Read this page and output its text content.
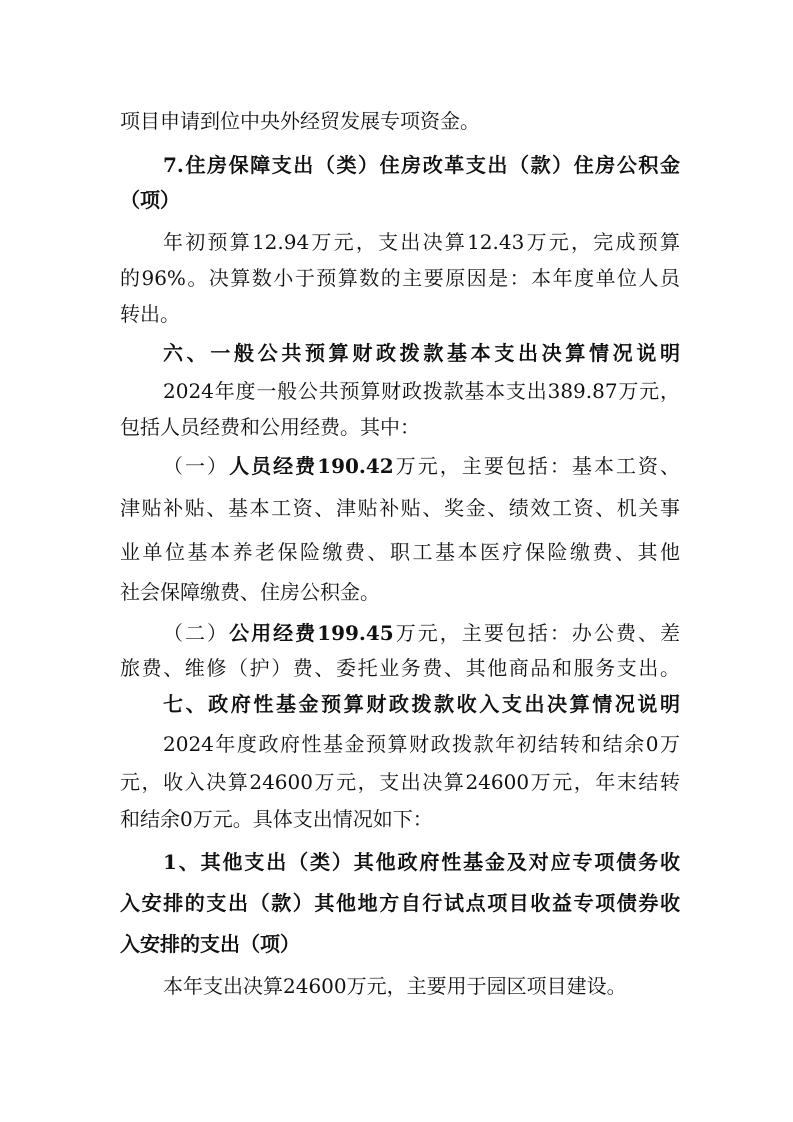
项目申请到位中央外经贸发展专项资金。
7.住房保障支出（类）住房改革支出（款）住房公积金
（项）
年初预算12.94万元，支出决算12.43万元，完成预算
的96%。决算数小于预算数的主要原因是：本年度单位人员
转出。
六、一般公共预算财政拨款基本支出决算情况说明
2024年度一般公共预算财政拨款基本支出389.87万元，
包括人员经费和公用经费。其中：
（一）人员经费190.42万元，主要包括：基本工资、
津贴补贴、基本工资、津贴补贴、奖金、绩效工资、机关事
业单位基本养老保险缴费、职工基本医疗保险缴费、其他
社会保障缴费、住房公积金。
（二）公用经费199.45万元，主要包括：办公费、差
旅费、维修（护）费、委托业务费、其他商品和服务支出。
七、政府性基金预算财政拨款收入支出决算情况说明
2024年度政府性基金预算财政拨款年初结转和结余0万
元，收入决算24600万元，支出决算24600万元，年末结转
和结余0万元。具体支出情况如下：
1、其他支出（类）其他政府性基金及对应专项债务收
入安排的支出（款）其他地方自行试点项目收益专项债券收
入安排的支出（项）
本年支出决算24600万元，主要用于园区项目建设。
